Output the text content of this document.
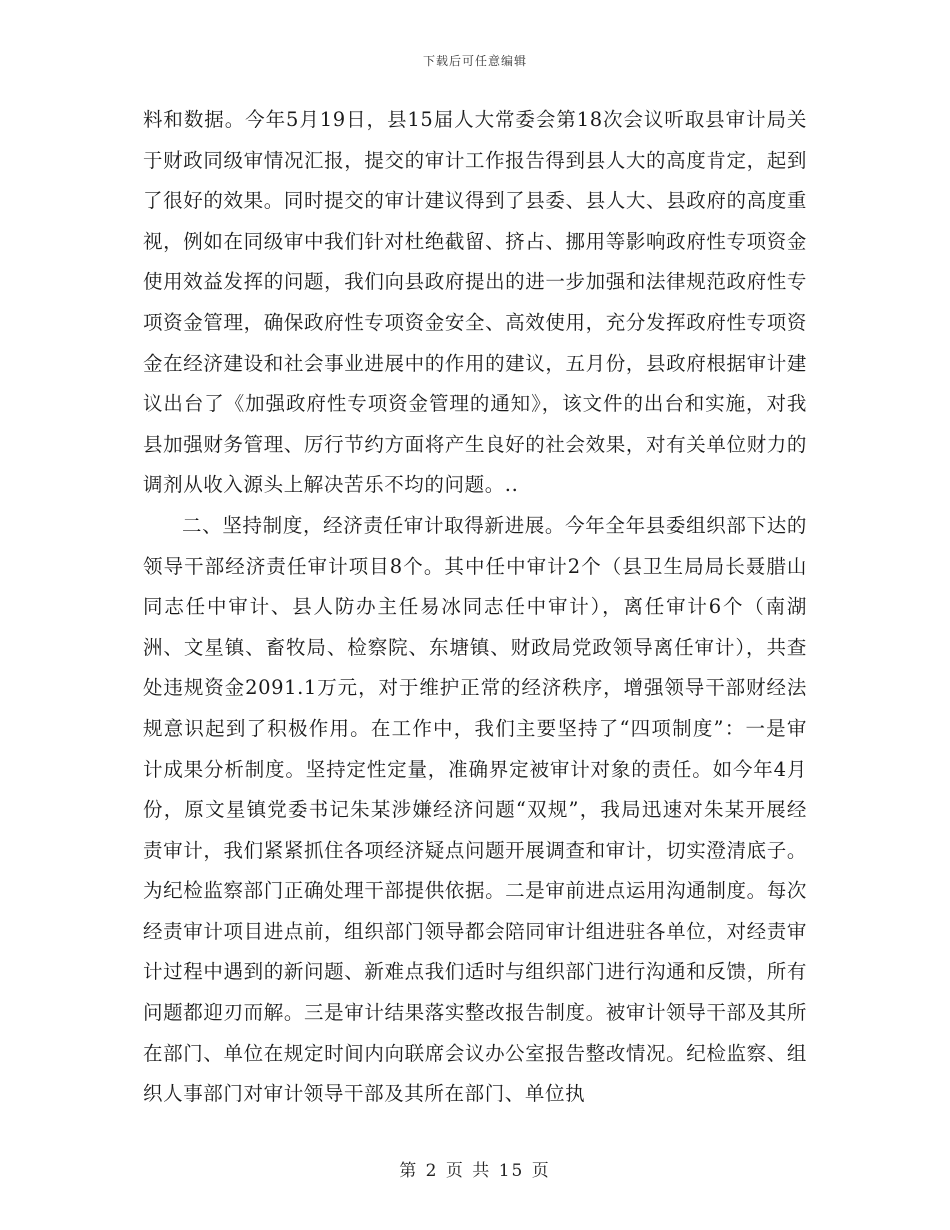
下载后可任意编辑

料和数据。今年5月19日，县15届人大常委会第18次会议听取县审计局关于财政同级审情况汇报，提交的审计工作报告得到县人大的高度肯定，起到了很好的效果。同时提交的审计建议得到了县委、县人大、县政府的高度重视，例如在同级审中我们针对杜绝截留、挤占、挪用等影响政府性专项资金使用效益发挥的问题，我们向县政府提出的进一步加强和法律规范政府性专项资金管理，确保政府性专项资金安全、高效使用，充分发挥政府性专项资金在经济建设和社会事业进展中的作用的建议，五月份，县政府根据审计建议出台了《加强政府性专项资金管理的通知》，该文件的出台和实施，对我县加强财务管理、厉行节约方面将产生良好的社会效果，对有关单位财力的调剂从收入源头上解决苦乐不均的问题。..

二、坚持制度，经济责任审计取得新进展。今年全年县委组织部下达的领导干部经济责任审计项目8个。其中任中审计2个（县卫生局局长聂腊山同志任中审计、县人防办主任易冰同志任中审计），离任审计6个（南湖洲、文星镇、畜牧局、检察院、东塘镇、财政局党政领导离任审计），共查处违规资金2091.1万元，对于维护正常的经济秩序，增强领导干部财经法规意识起到了积极作用。在工作中，我们主要坚持了“四项制度”：一是审计成果分析制度。坚持定性定量，准确界定被审计对象的责任。如今年4月份，原文星镇党委书记朱某涉嫌经济问题“双规”，我局迅速对朱某开展经责审计，我们紧紧抓住各项经济疑点问题开展调查和审计，切实澄清底子。为纪检监察部门正确处理干部提供依据。二是审前进点运用沟通制度。每次经责审计项目进点前，组织部门领导都会陪同审计组进驻各单位，对经责审计过程中遇到的新问题、新难点我们适时与组织部门进行沟通和反馈，所有问题都迎刃而解。三是审计结果落实整改报告制度。被审计领导干部及其所在部门、单位在规定时间内向联席会议办公室报告整改情况。纪检监察、组织人事部门对审计领导干部及其所在部门、单位执

第 2 页 共 15 页
